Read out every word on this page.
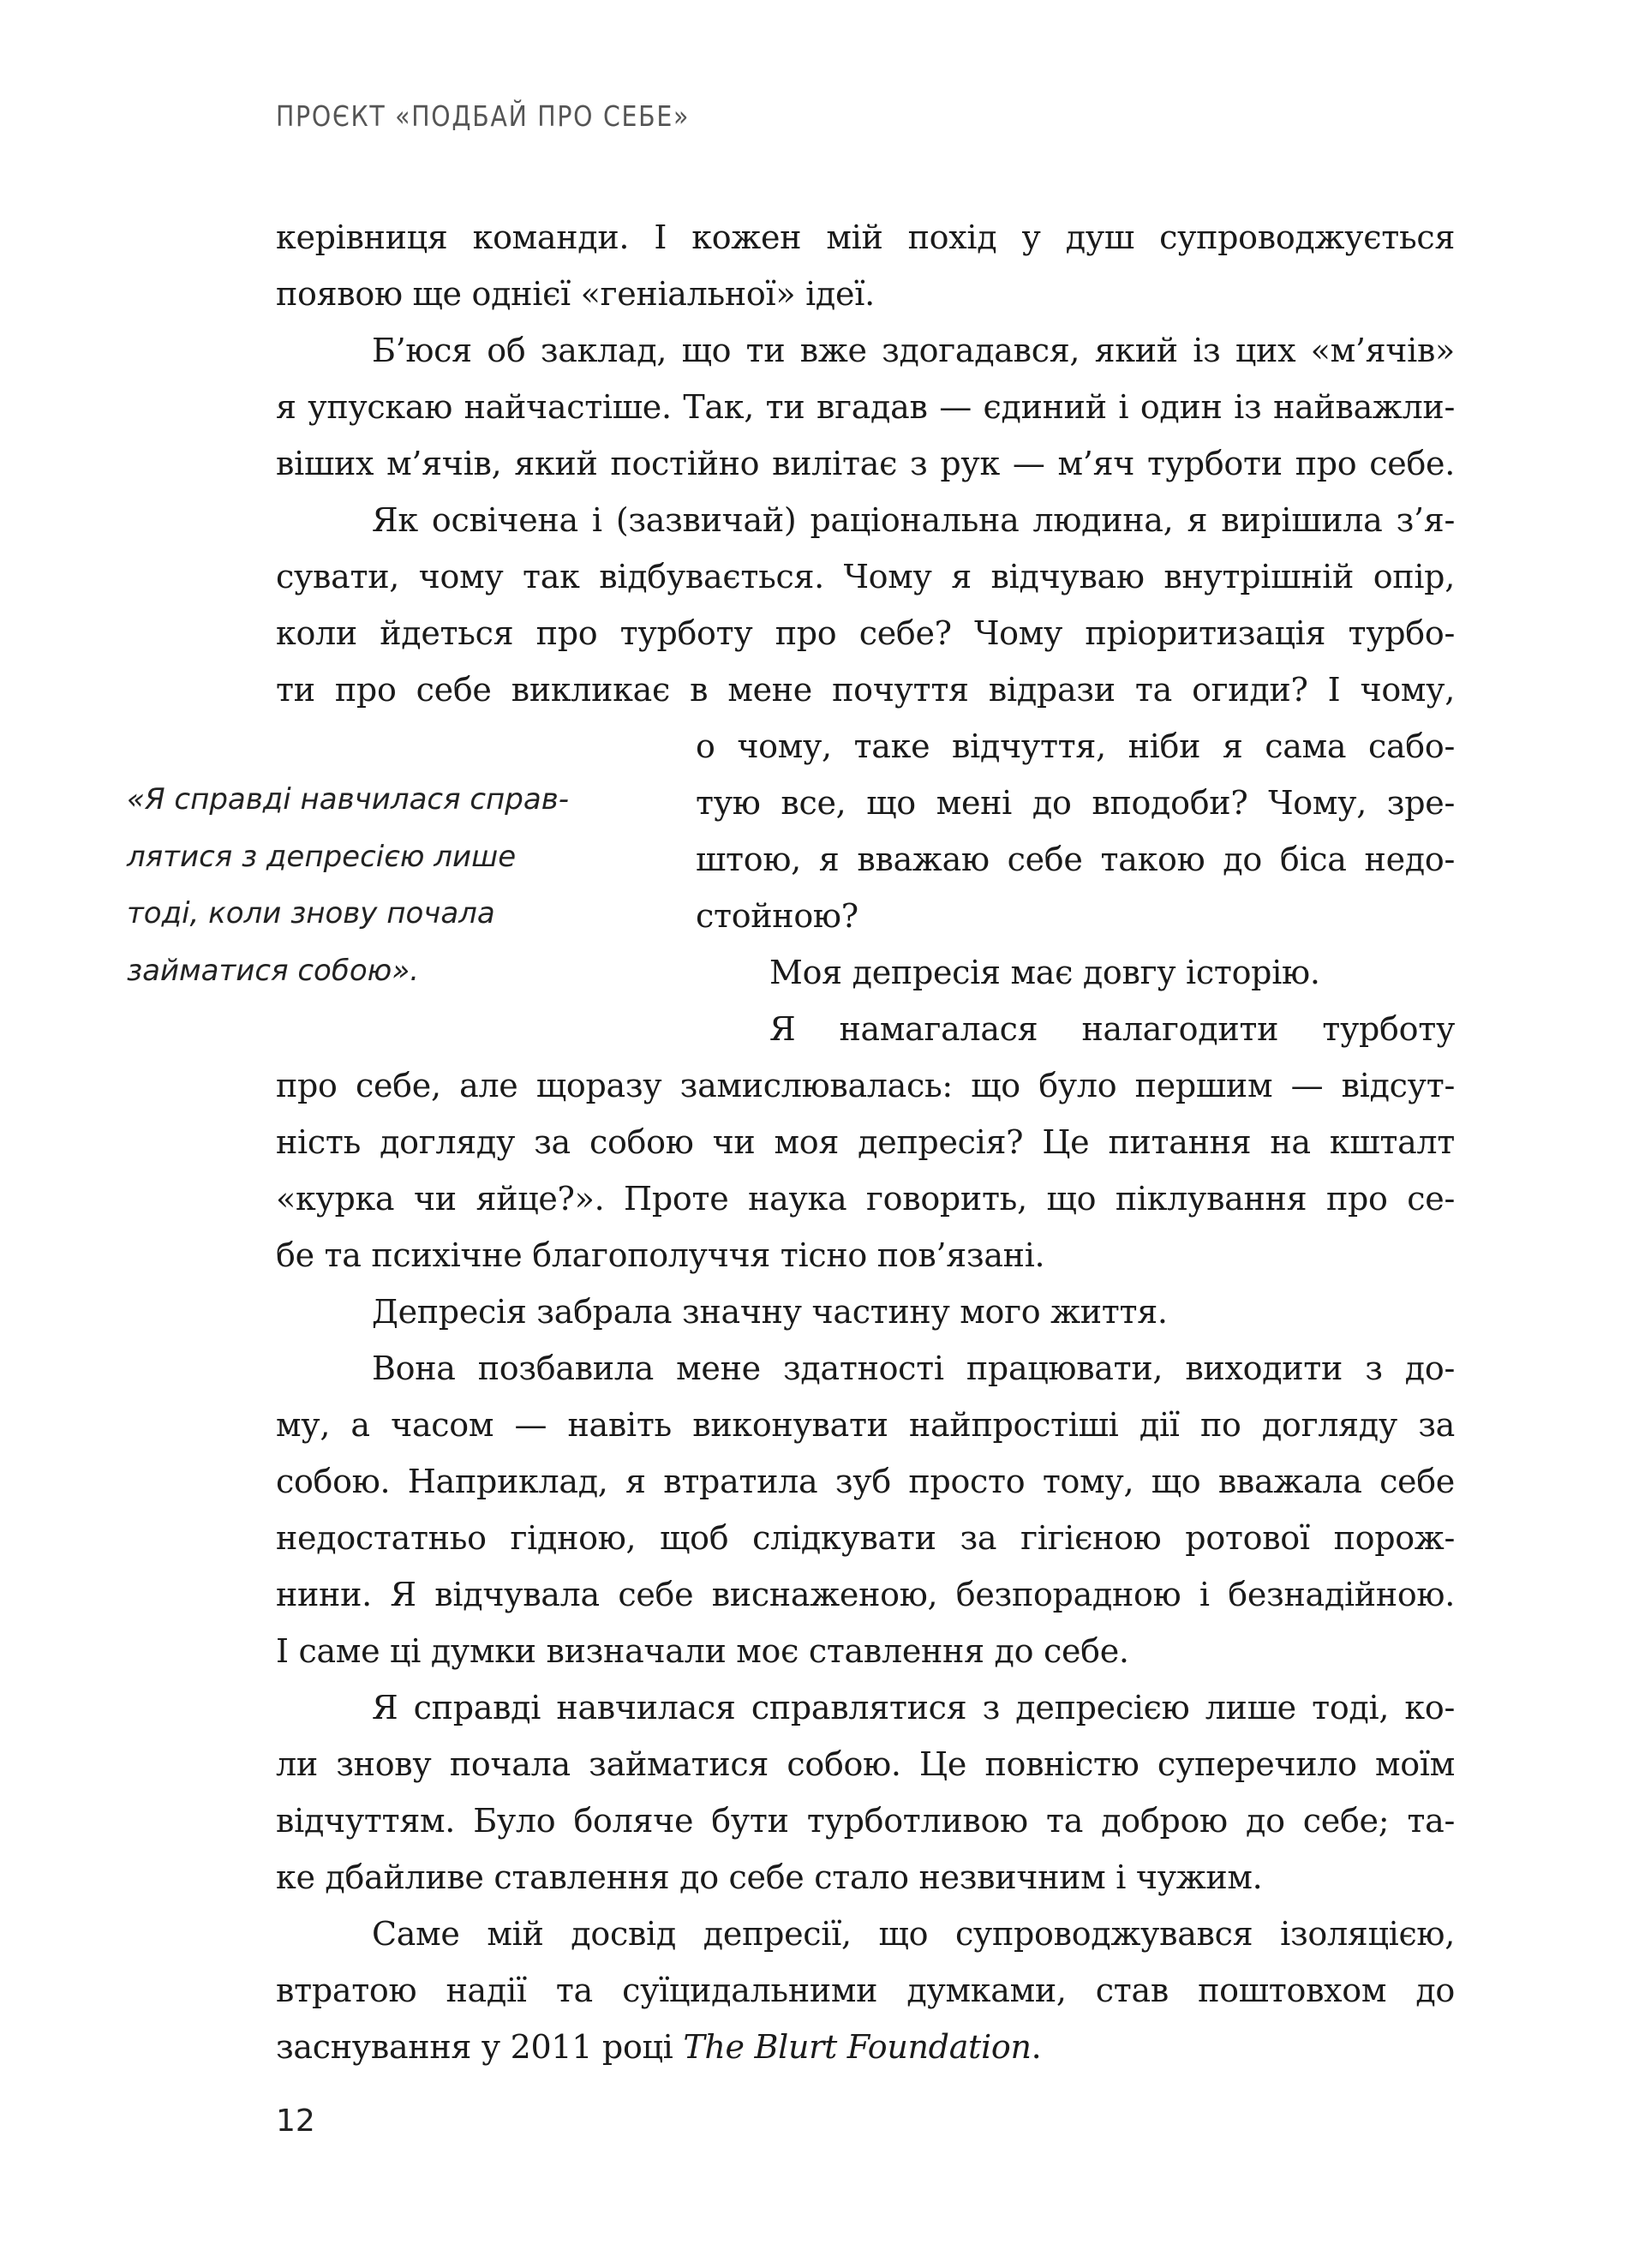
ПРОЄКТ «ПОДБАЙ ПРО СЕБЕ»
керівниця команди. І кожен мій похід у душ супроводжується
появою ще однієї «геніальної» ідеї.
Б’юся об заклад, що ти вже здогадався, який із цих «м’ячів»
я упускаю найчастіше. Так, ти вгадав — єдиний і один із найважли-
віших м’ячів, який постійно вилітає з рук — м’яч турботи про себе.
Як освічена і (зазвичай) раціональна людина, я вирішила з’я-
сувати, чому так відбувається. Чому я відчуваю внутрішній опір,
коли йдеться про турботу про себе? Чому пріоритизація турбо-
ти про себе викликає в мене почуття відрази та огиди? І чому,
о чому, таке відчуття, ніби я сама сабо-
тую все, що мені до вподоби? Чому, зре-
штою, я вважаю себе такою до біса недо-
стойною?
Моя депресія має довгу історію.
Я намагалася налагодити турботу
про себе, але щоразу замислювалась: що було першим — відсут-
ність догляду за собою чи моя депресія? Це питання на кшталт
«курка чи яйце?». Проте наука говорить, що піклування про се-
бе та психічне благополуччя тісно пов’язані.
Депресія забрала значну частину мого життя.
Вона позбавила мене здатності працювати, виходити з до-
му, а часом — навіть виконувати найпростіші дії по догляду за
собою. Наприклад, я втратила зуб просто тому, що вважала себе
недостатньо гідною, щоб слідкувати за гігієною ротової порож-
нини. Я відчувала себе виснаженою, безпорадною і безнадійною.
І саме ці думки визначали моє ставлення до себе.
Я справді навчилася справлятися з депресією лише тоді, ко-
ли знову почала займатися собою. Це повністю суперечило моїм
відчуттям. Було боляче бути турботливою та доброю до себе; та-
ке дбайливе ставлення до себе стало незвичним і чужим.
Саме мій досвід депресії, що супроводжувався ізоляцією,
втратою надії та суїцидальними думками, став поштовхом до
заснування у 2011 році The Blurt Foundation.
«Я справді навчилася справ-
лятися з депресією лише
тоді, коли знову почала
займатися собою».
12
